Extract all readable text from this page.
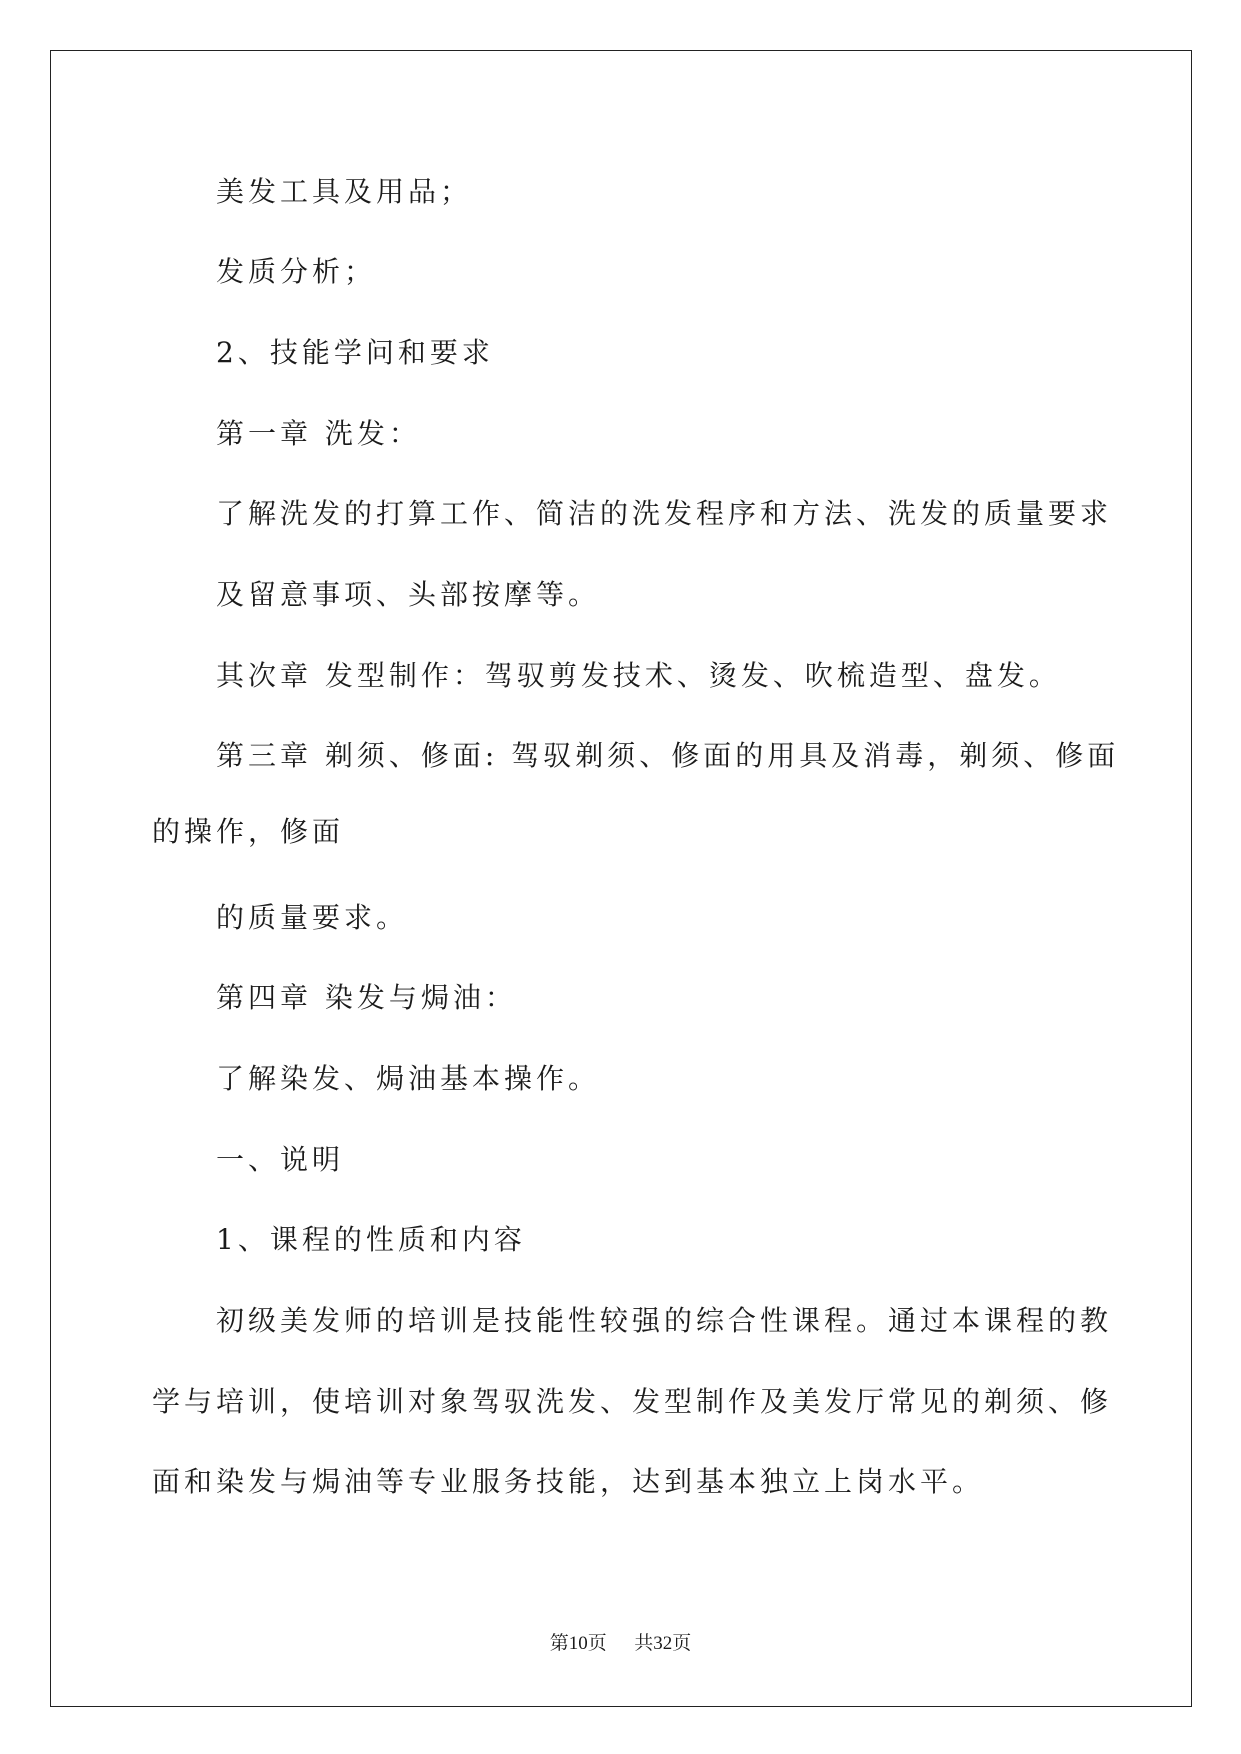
美发工具及用品；

发质分析；

2、技能学问和要求

第一章 洗发：

了解洗发的打算工作、简洁的洗发程序和方法、洗发的质量要求

及留意事项、头部按摩等。

其次章 发型制作：驾驭剪发技术、烫发、吹梳造型、盘发。

第三章 剃须、修面: 驾驭剃须、修面的用具及消毒，剃须、修面

的操作，修面

的质量要求。

第四章 染发与焗油：

了解染发、焗油基本操作。

一、说明

1、课程的性质和内容

初级美发师的培训是技能性较强的综合性课程。通过本课程的教

学与培训，使培训对象驾驭洗发、发型制作及美发厅常见的剃须、修

面和染发与焗油等专业服务技能，达到基本独立上岗水平。

第10页 共32页
